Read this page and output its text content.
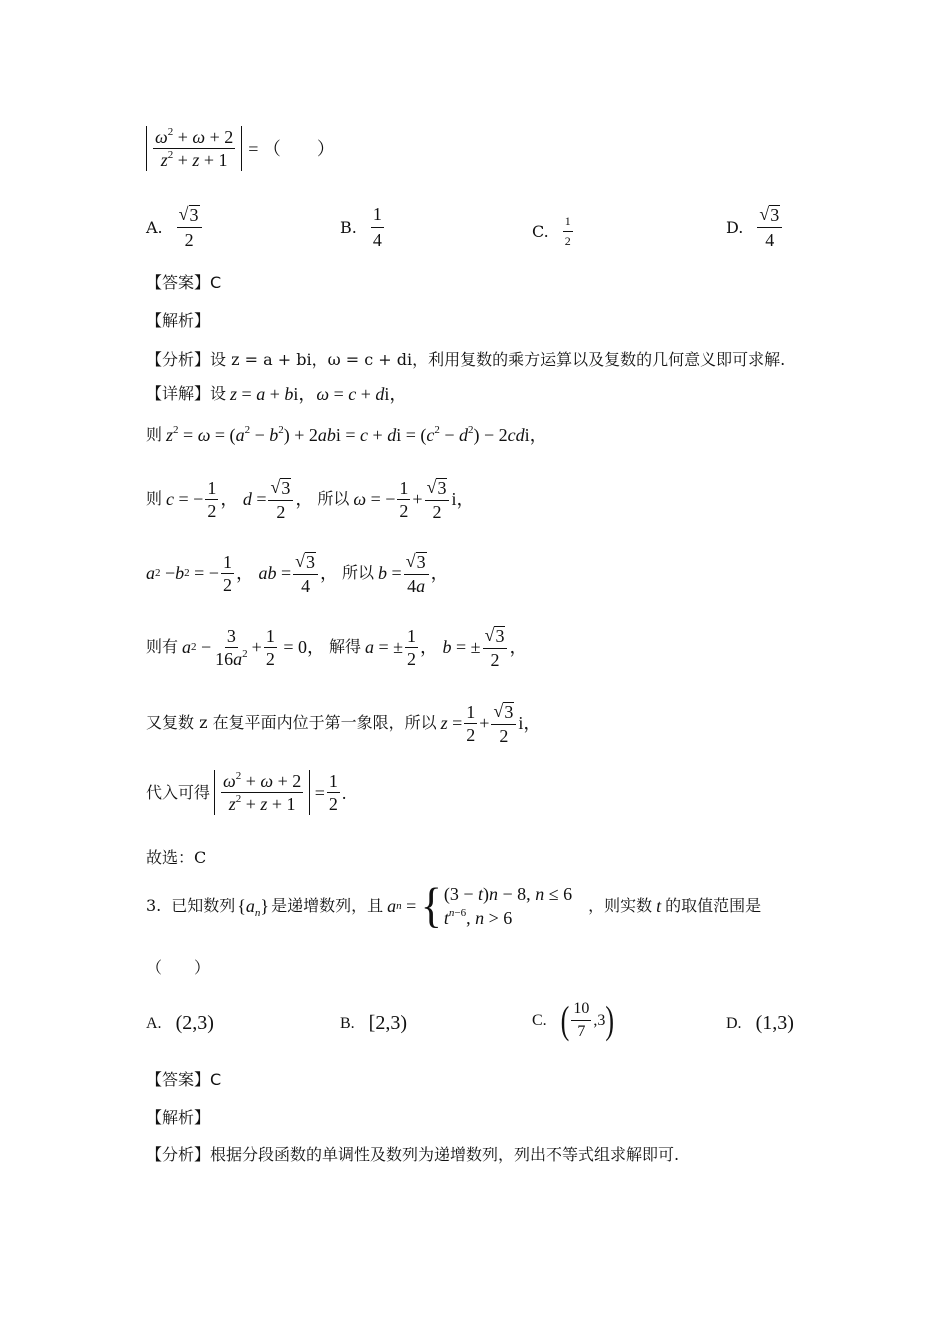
$\frac{\omega^2 + \omega + 2}{z^2 + z + 1}$ = （　　）
A. $\frac{√ 3}{2}$	B. $\frac{1}{4}$	C. $\frac{1}{2}$	D. $\frac{√ 3}{4}$
【答案】C
【解析】
【分析】设 z = a + bi，ω = c + di，利用复数的乘方运算以及复数的几何意义即可求解.
【详解】设 z = a + bi，ω = c + di，
则 $z^2 = \omega = (a^2 - b^2) + 2abi = c$ + di = $(c^2 - d^2) - 2cdi$，
则 c = − $\frac{1}{2}$ ， $d = \frac{√ 3}{2}$ ， 所以 ω = − $\frac{1}{2} + \frac{√ 3}{2}$ i，
a 2 − b 2 = − $\frac{1}{2}$ ， ab = $\frac{√ 3}{4}$ ， 所以 $b = \frac{√ 3}{4a}$ ，
则有 a $2 - \frac{3}{16a^2} + \frac{1}{2} = 0$， 解得 a = ± $\frac{1}{2}$ ， b = ± $\frac{√ 3}{2}$ ，
又复数 z 在复平面内位于第一象限，所以 $z = \frac{1}{2} + \frac{√ 3}{2}$ i，
代入可得 $\frac{\omega^2 + \omega + 2}{z^2 + z + 1} = \frac{1}{2}$ .
故选：C
3. 已知数列 $\{a_n\}$ 是递增数列，且 a n = { (3 − t)n − 8, n ≤ 6
$t^{n-6}$, n > 6
，则实数 t 的取值范围是
（　　）
A. (2,3)	B. [2,3)	C. ( $\frac{10}{7} ,3$ )	D. (1,3)
【答案】C
【解析】
【分析】根据分段函数的单调性及数列为递增数列，列出不等式组求解即可.
